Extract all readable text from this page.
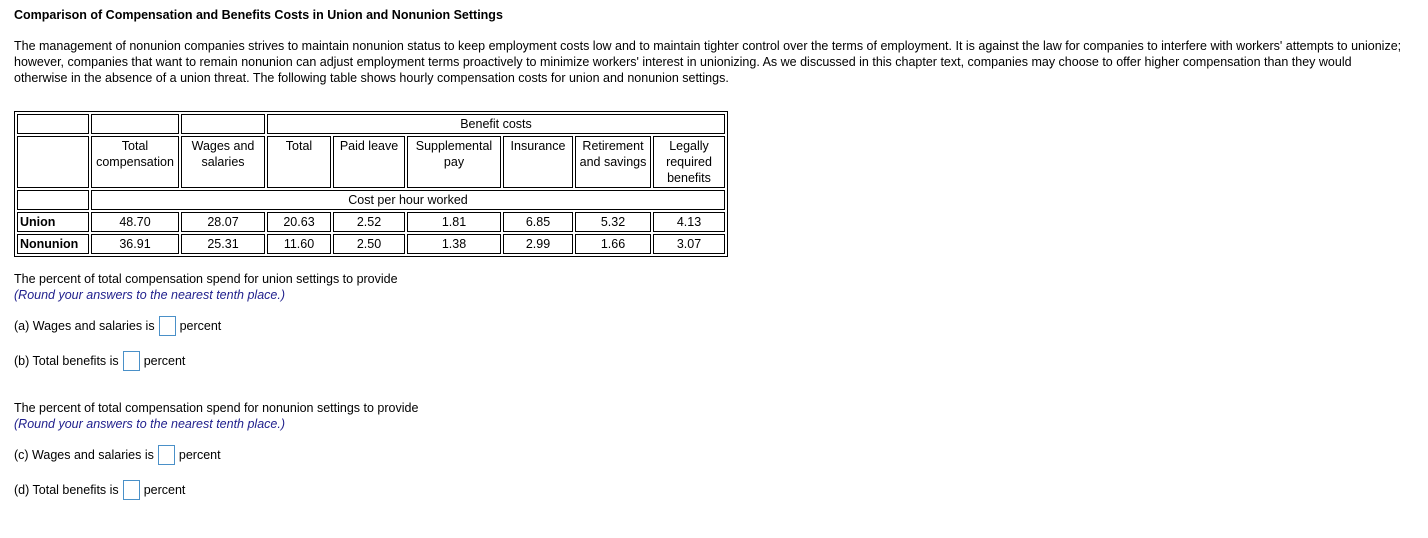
Comparison of Compensation and Benefits Costs in Union and Nonunion Settings
The management of nonunion companies strives to maintain nonunion status to keep employment costs low and to maintain tighter control over the terms of employment. It is against the law for companies to interfere with workers' attempts to unionize; however, companies that want to remain nonunion can adjust employment terms proactively to minimize workers' interest in unionizing. As we discussed in this chapter text, companies may choose to offer higher compensation than they would otherwise in the absence of a union threat. The following table shows hourly compensation costs for union and nonunion settings.
			Benefit costs					
	Total compensation	Wages and salaries	Total	Paid leave	Supplemental pay	Insurance	Retirement and savings	Legally required benefits
	Cost per hour worked							
Union	48.70	28.07	20.63	2.52	1.81	6.85	5.32	4.13
Nonunion	36.91	25.31	11.60	2.50	1.38	2.99	1.66	3.07
The percent of total compensation spend for union settings to provide
(Round your answers to the nearest tenth place.)
(a) Wages and salaries is percent
(b) Total benefits is percent
The percent of total compensation spend for nonunion settings to provide
(Round your answers to the nearest tenth place.)
(c) Wages and salaries is percent
(d) Total benefits is percent
